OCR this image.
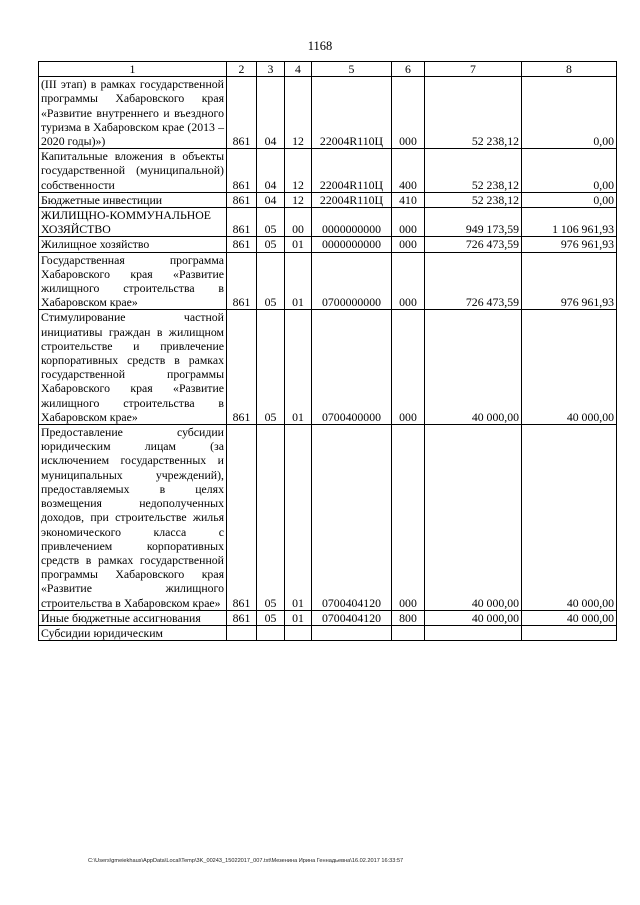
1168
1	2	3	4	5	6	7	8
(III этап) в рамках государственной программы Хабаровского края «Развитие внутреннего и въездного туризма в Хабаровском крае (2013 – 2020 годы)»)	861	04	12	22004R110Ц	000	52 238,12	0,00
Капитальные вложения в объекты государственной (муниципальной) собственности	861	04	12	22004R110Ц	400	52 238,12	0,00
Бюджетные инвестиции	861	04	12	22004R110Ц	410	52 238,12	0,00
ЖИЛИЩНО-КОММУНАЛЬНОЕ ХОЗЯЙСТВО	861	05	00	0000000000	000	949 173,59	1 106 961,93
Жилищное хозяйство	861	05	01	0000000000	000	726 473,59	976 961,93
Государственная программа Хабаровского края «Развитие жилищного строительства в Хабаровском крае»	861	05	01	0700000000	000	726 473,59	976 961,93
Стимулирование частной инициативы граждан в жилищном строительстве и привлечение корпоративных средств в рамках государственной программы Хабаровского края «Развитие жилищного строительства в Хабаровском крае»	861	05	01	0700400000	000	40 000,00	40 000,00
Предоставление субсидии юридическим лицам (за исключением государственных и муниципальных учреждений), предоставляемых в целях возмещения недополученных доходов, при строительстве жилья экономического класса с привлечением корпоративных средств в рамках государственной программы Хабаровского края «Развитие жилищного строительства в Хабаровском крае»	861	05	01	0700404120	000	40 000,00	40 000,00
Иные бюджетные ассигнования	861	05	01	0700404120	800	40 000,00	40 000,00
Субсидии юридическим							
C:\Users\gmeiekhaus\AppData\Local\Temp\3K_00243_15022017_007.txt\Мезенина Ирина Геннадьевна\16.02.2017 16:33:57
